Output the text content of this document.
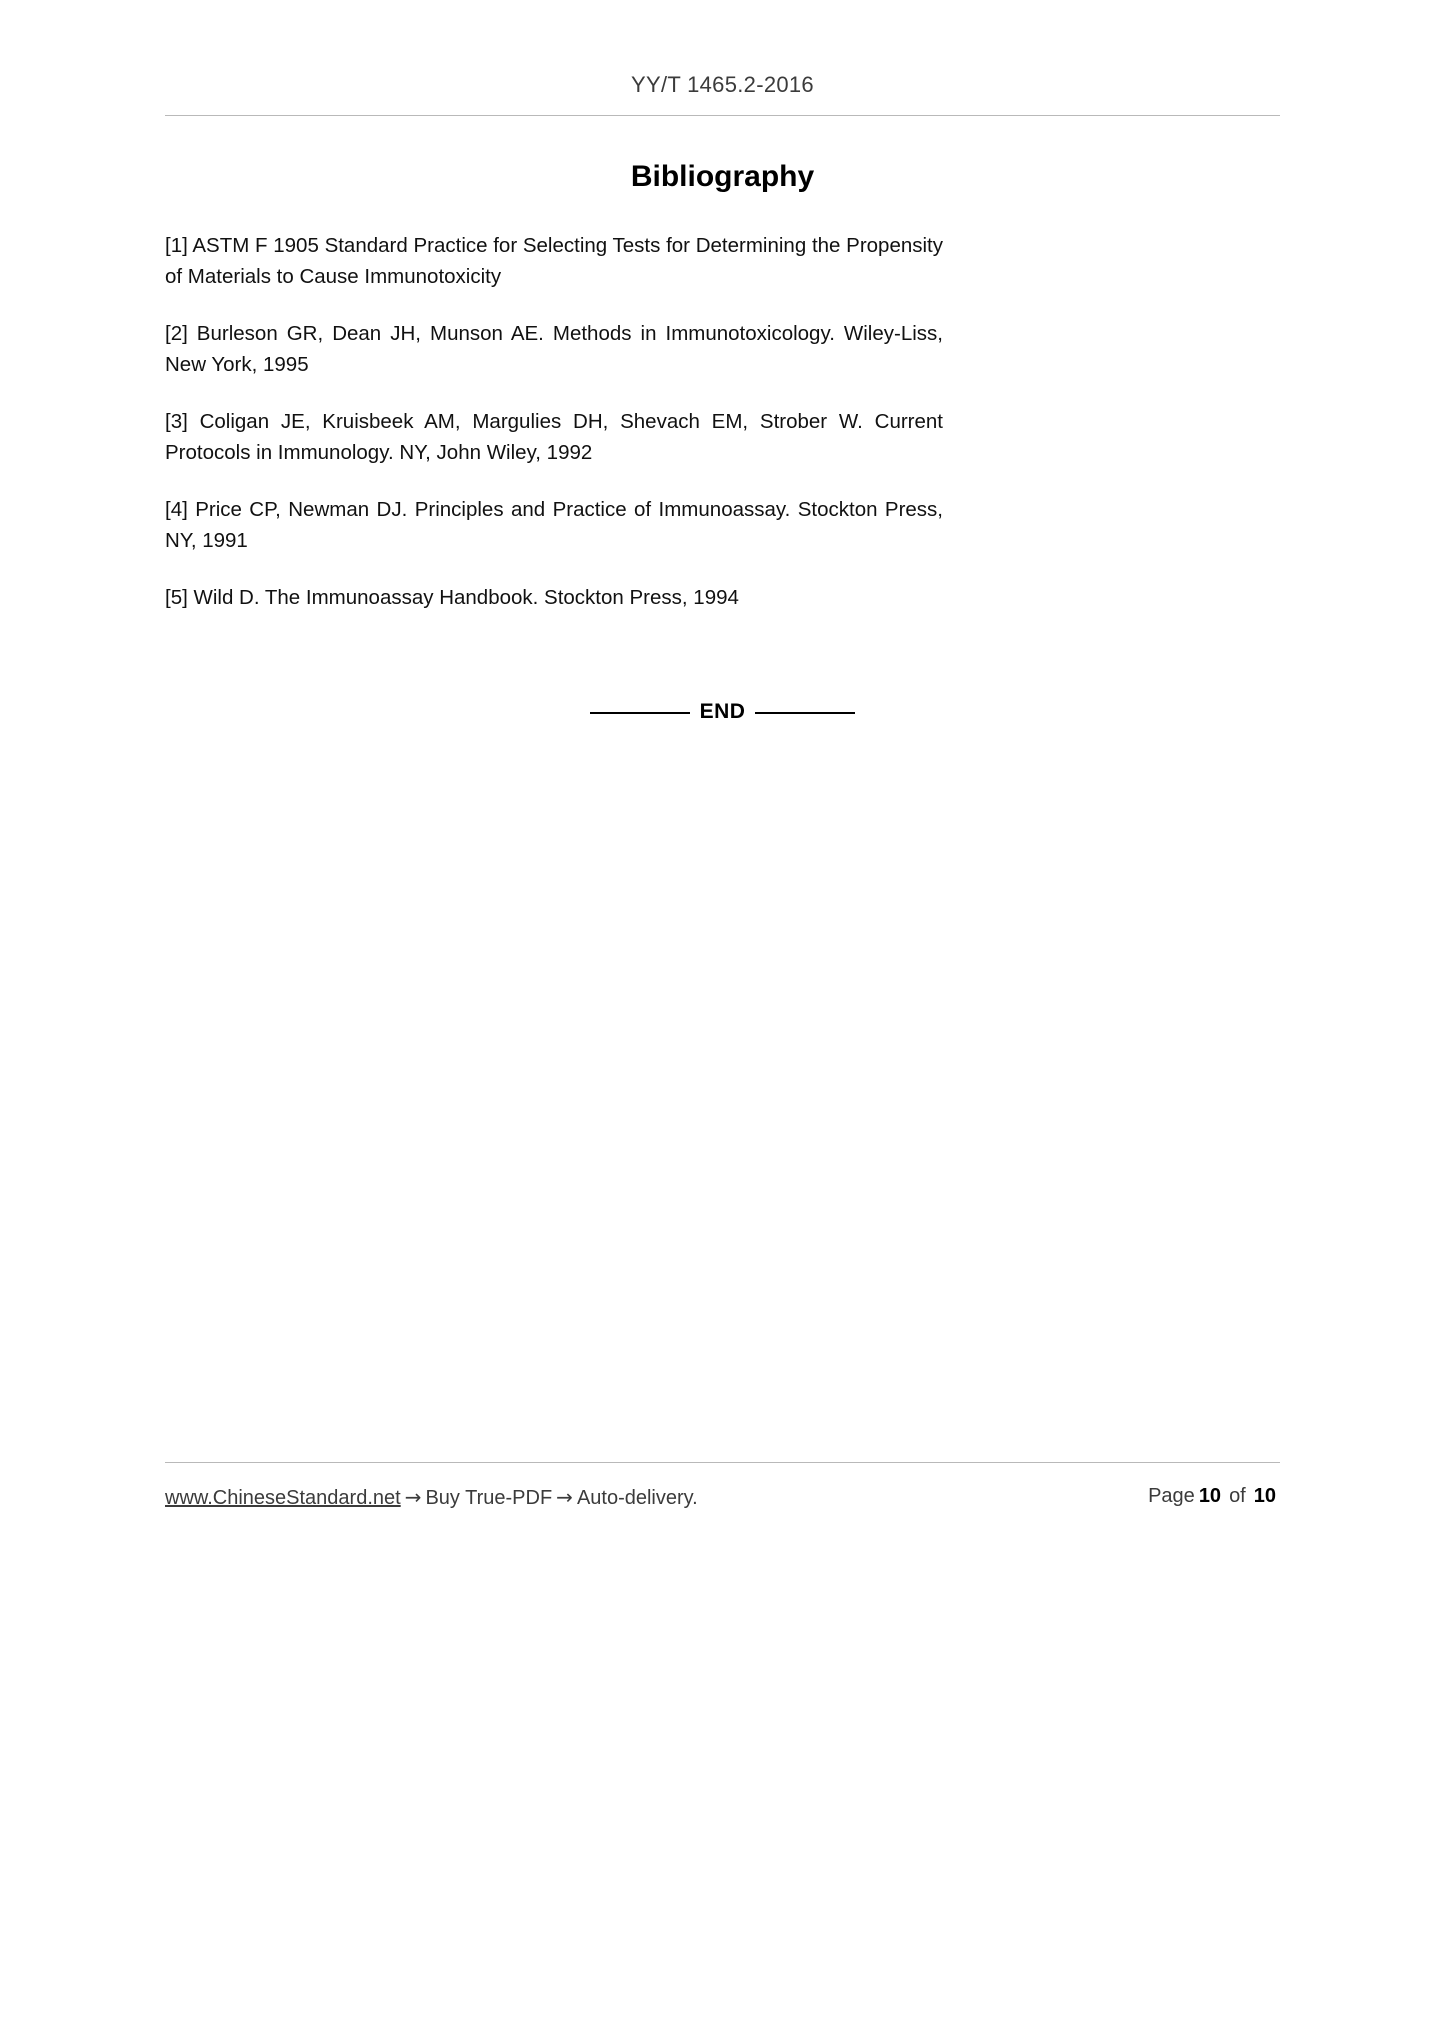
YY/T 1465.2-2016
Bibliography

[1] ASTM F 1905 Standard Practice for Selecting Tests for Determining the Propensity of Materials to Cause Immunotoxicity

[2] Burleson GR, Dean JH, Munson AE. Methods in Immunotoxicology. Wiley-Liss, New York, 1995

[3] Coligan JE, Kruisbeek AM, Margulies DH, Shevach EM, Strober W. Current Protocols in Immunology. NY, John Wiley, 1992

[4] Price CP, Newman DJ. Principles and Practice of Immunoassay. Stockton Press, NY, 1991

[5] Wild D. The Immunoassay Handbook. Stockton Press, 1994

END
www.ChineseStandard.net → Buy True-PDF → Auto-delivery.	Page 10 of 10
